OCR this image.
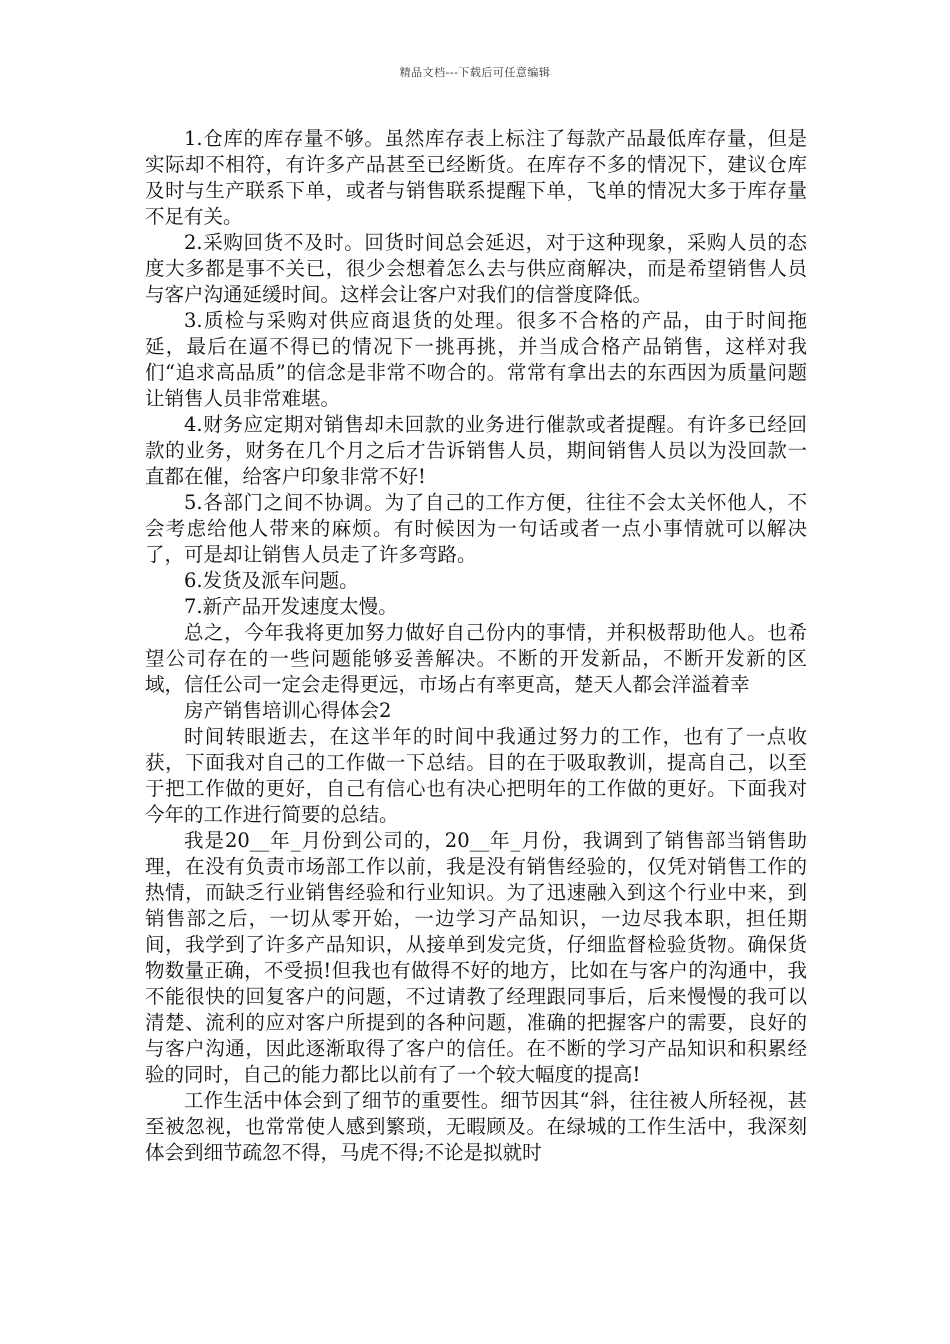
精品文档---下载后可任意编辑

1.仓库的库存量不够。虽然库存表上标注了每款产品最低库存量，但是实际却不相符，有许多产品甚至已经断货。在库存不多的情况下，建议仓库及时与生产联系下单，或者与销售联系提醒下单，飞单的情况大多于库存量不足有关。

2.采购回货不及时。回货时间总会延迟，对于这种现象，采购人员的态度大多都是事不关已，很少会想着怎么去与供应商解决，而是希望销售人员与客户沟通延缓时间。这样会让客户对我们的信誉度降低。

3.质检与采购对供应商退货的处理。很多不合格的产品，由于时间拖延，最后在逼不得已的情况下一挑再挑，并当成合格产品销售，这样对我们“追求高品质”的信念是非常不吻合的。常常有拿出去的东西因为质量问题让销售人员非常难堪。

4.财务应定期对销售却未回款的业务进行催款或者提醒。有许多已经回款的业务，财务在几个月之后才告诉销售人员，期间销售人员以为没回款一直都在催，给客户印象非常不好!

5.各部门之间不协调。为了自己的工作方便，往往不会太关怀他人，不会考虑给他人带来的麻烦。有时候因为一句话或者一点小事情就可以解决了，可是却让销售人员走了许多弯路。

6.发货及派车问题。

7.新产品开发速度太慢。

总之，今年我将更加努力做好自己份内的事情，并积极帮助他人。也希望公司存在的一些问题能够妥善解决。不断的开发新品，不断开发新的区域，信任公司一定会走得更远，市场占有率更高，楚天人都会洋溢着幸

房产销售培训心得体会2

时间转眼逝去，在这半年的时间中我通过努力的工作，也有了一点收获，下面我对自己的工作做一下总结。目的在于吸取教训，提高自己，以至于把工作做的更好，自己有信心也有决心把明年的工作做的更好。下面我对今年的工作进行简要的总结。

我是20__年_月份到公司的，20__年_月份，我调到了销售部当销售助理，在没有负责市场部工作以前，我是没有销售经验的，仅凭对销售工作的热情，而缺乏行业销售经验和行业知识。为了迅速融入到这个行业中来，到销售部之后，一切从零开始，一边学习产品知识，一边尽我本职，担任期间，我学到了许多产品知识，从接单到发完货，仔细监督检验货物。确保货物数量正确，不受损!但我也有做得不好的地方，比如在与客户的沟通中，我不能很快的回复客户的问题，不过请教了经理跟同事后，后来慢慢的我可以清楚、流利的应对客户所提到的各种问题，准确的把握客户的需要，良好的与客户沟通，因此逐渐取得了客户的信任。在不断的学习产品知识和积累经验的同时，自己的能力都比以前有了一个较大幅度的提高!

工作生活中体会到了细节的重要性。细节因其“斜，往往被人所轻视，甚至被忽视，也常常使人感到繁琐，无暇顾及。在绿城的工作生活中，我深刻体会到细节疏忽不得，马虎不得;不论是拟就时
